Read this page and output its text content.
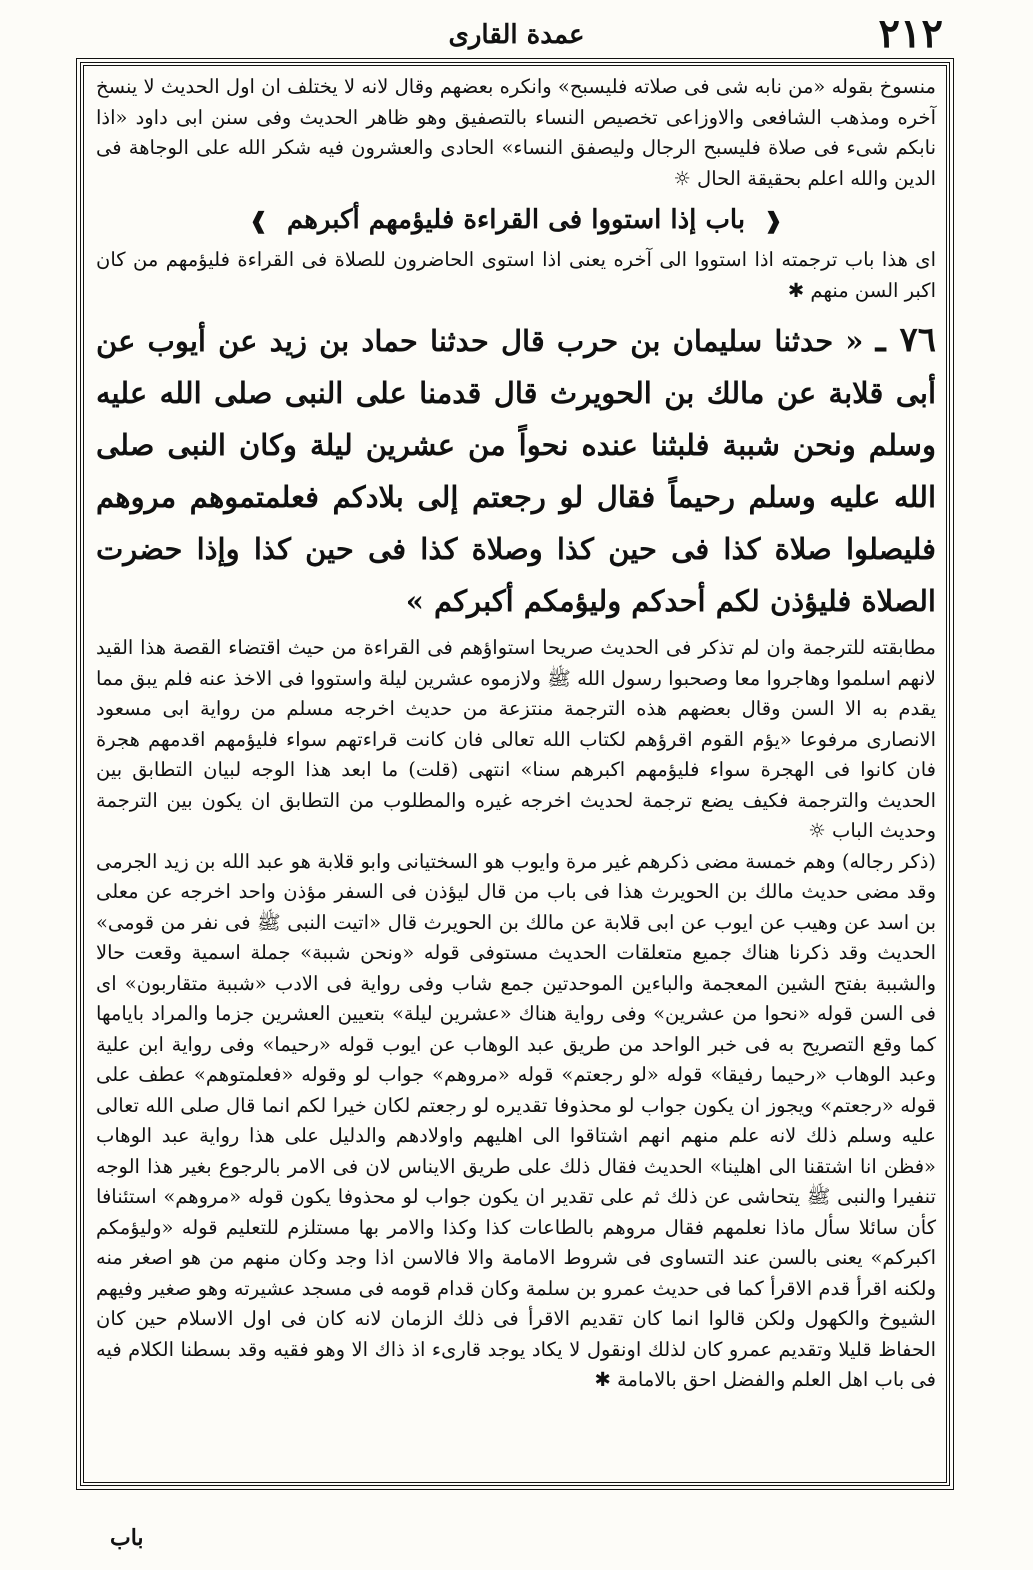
٢١٢
عمدة القارى

منسوخ بقوله «من نابه شى فى صلاته فليسبح» وانكره بعضهم وقال لانه لا يختلف ان اول الحديث لا ينسخ آخره ومذهب الشافعى والاوزاعى تخصيص النساء بالتصفيق وهو ظاهر الحديث وفى سنن ابى داود «اذا نابكم شىء فى صلاة فليسبح الرجال وليصفق النساء» الحادى والعشرون فيه شكر الله على الوجاهة فى الدين والله اعلم بحقيقة الحال ☼

❰ باب إذا استووا فى القراءة فليؤمهم أكبرهم ❱

اى هذا باب ترجمته اذا استووا الى آخره يعنى اذا استوى الحاضرون للصلاة فى القراءة فليؤمهم من كان اكبر السن منهم ✱

٧٦ ـ « حدثنا سليمان بن حرب قال حدثنا حماد بن زيد عن أيوب عن أبى قلابة عن مالك بن الحويرث قال قدمنا على النبى صلى الله عليه وسلم ونحن شببة فلبثنا عنده نحواً من عشرين ليلة وكان النبى صلى الله عليه وسلم رحيماً فقال لو رجعتم إلى بلادكم فعلمتموهم مروهم فليصلوا صلاة كذا فى حين كذا وصلاة كذا فى حين كذا وإذا حضرت الصلاة فليؤذن لكم أحدكم وليؤمكم أكبركم »

مطابقته للترجمة وان لم تذكر فى الحديث صريحا استواؤهم فى القراءة من حيث اقتضاء القصة هذا القيد لانهم اسلموا وهاجروا معا وصحبوا رسول الله ﷺ ولازموه عشرين ليلة واستووا فى الاخذ عنه فلم يبق مما يقدم به الا السن وقال بعضهم هذه الترجمة منتزعة من حديث اخرجه مسلم من رواية ابى مسعود الانصارى مرفوعا «يؤم القوم اقرؤهم لكتاب الله تعالى فان كانت قراءتهم سواء فليؤمهم اقدمهم هجرة فان كانوا فى الهجرة سواء فليؤمهم اكبرهم سنا» انتهى (قلت) ما ابعد هذا الوجه لبيان التطابق بين الحديث والترجمة فكيف يضع ترجمة لحديث اخرجه غيره والمطلوب من التطابق ان يكون بين الترجمة وحديث الباب ☼

(ذكر رجاله) وهم خمسة مضى ذكرهم غير مرة وايوب هو السختيانى وابو قلابة هو عبد الله بن زيد الجرمى وقد مضى حديث مالك بن الحويرث هذا فى باب من قال ليؤذن فى السفر مؤذن واحد اخرجه عن معلى بن اسد عن وهيب عن ايوب عن ابى قلابة عن مالك بن الحويرث قال «اتيت النبى ﷺ فى نفر من قومى» الحديث وقد ذكرنا هناك جميع متعلقات الحديث مستوفى قوله «ونحن شببة» جملة اسمية وقعت حالا والشببة بفتح الشين المعجمة والباءين الموحدتين جمع شاب وفى رواية فى الادب «شببة متقاربون» اى فى السن قوله «نحوا من عشرين» وفى رواية هناك «عشرين ليلة» بتعيين العشرين جزما والمراد بايامها كما وقع التصريح به فى خبر الواحد من طريق عبد الوهاب عن ايوب قوله «رحيما» وفى رواية ابن علية وعبد الوهاب «رحيما رفيقا» قوله «لو رجعتم» قوله «مروهم» جواب لو وقوله «فعلمتوهم» عطف على قوله «رجعتم» ويجوز ان يكون جواب لو محذوفا تقديره لو رجعتم لكان خيرا لكم انما قال صلى الله تعالى عليه وسلم ذلك لانه علم منهم انهم اشتاقوا الى اهليهم واولادهم والدليل على هذا رواية عبد الوهاب «فظن انا اشتقنا الى اهلينا» الحديث فقال ذلك على طريق الايناس لان فى الامر بالرجوع بغير هذا الوجه تنفيرا والنبى ﷺ يتحاشى عن ذلك ثم على تقدير ان يكون جواب لو محذوفا يكون قوله «مروهم» استئنافا كأن سائلا سأل ماذا نعلمهم فقال مروهم بالطاعات كذا وكذا والامر بها مستلزم للتعليم قوله «وليؤمكم اكبركم» يعنى بالسن عند التساوى فى شروط الامامة والا فالاسن اذا وجد وكان منهم من هو اصغر منه ولكنه اقرأ قدم الاقرأ كما فى حديث عمرو بن سلمة وكان قدام قومه فى مسجد عشيرته وهو صغير وفيهم الشيوخ والكهول ولكن قالوا انما كان تقديم الاقرأ فى ذلك الزمان لانه كان فى اول الاسلام حين كان الحفاظ قليلا وتقديم عمرو كان لذلك اونقول لا يكاد يوجد قارىء اذ ذاك الا وهو فقيه وقد بسطنا الكلام فيه فى باب اهل العلم والفضل احق بالامامة ✱

باب
